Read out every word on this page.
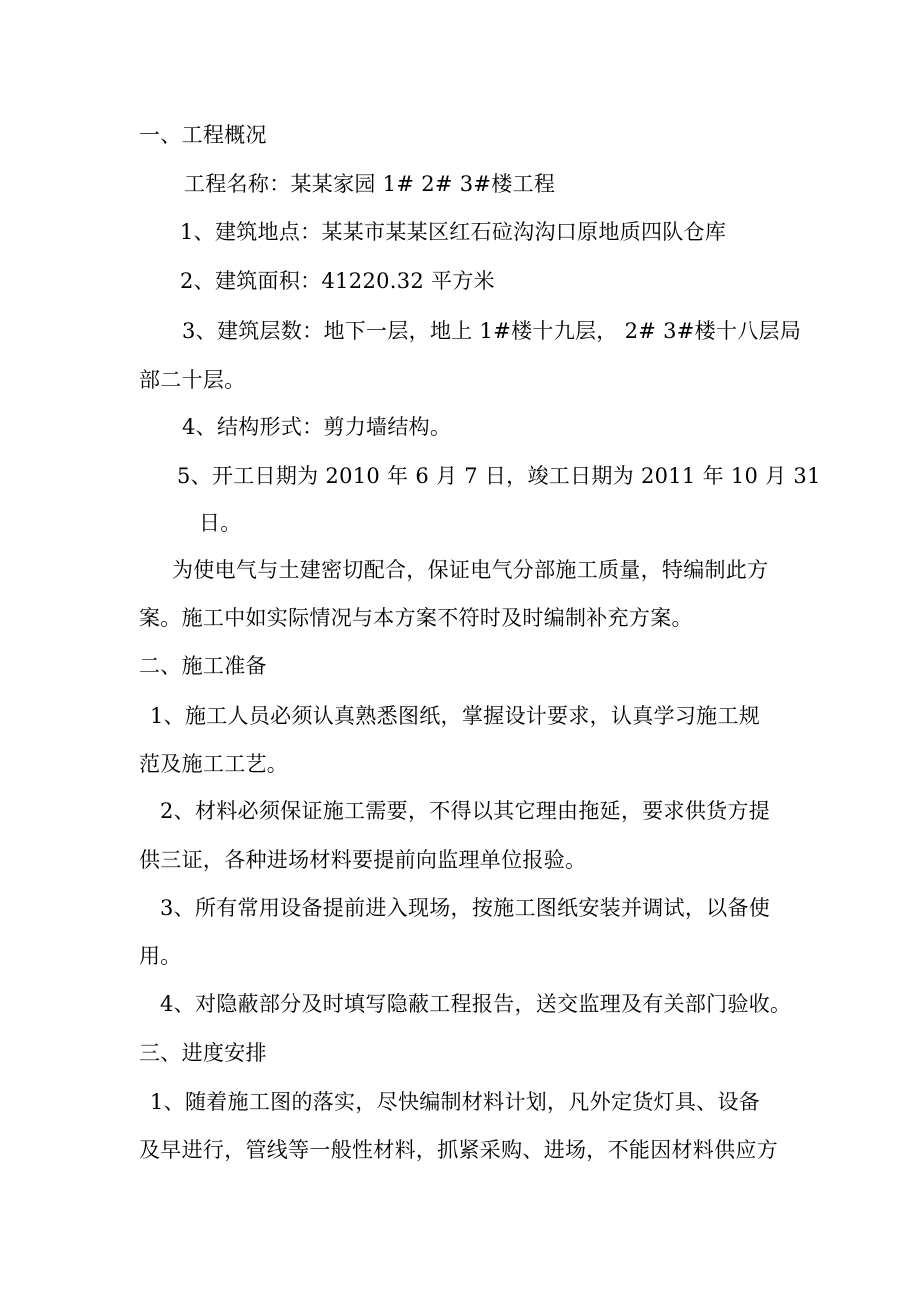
一、工程概况
工程名称：某某家园 1# 2# 3#楼工程
1、建筑地点：某某市某某区红石砬沟沟口原地质四队仓库
2、建筑面积：41220.32 平方米
3、建筑层数：地下一层，地上 1#楼十九层， 2# 3#楼十八层局
部二十层。
4、结构形式：剪力墙结构。
5、开工日期为 2010 年 6 月 7 日，竣工日期为 2011 年 10 月 31
日。
为使电气与土建密切配合，保证电气分部施工质量，特编制此方
案。施工中如实际情况与本方案不符时及时编制补充方案。
二、施工准备
1、施工人员必须认真熟悉图纸，掌握设计要求，认真学习施工规
范及施工工艺。
2、材料必须保证施工需要，不得以其它理由拖延，要求供货方提
供三证，各种进场材料要提前向监理单位报验。
3、所有常用设备提前进入现场，按施工图纸安装并调试，以备使
用。
4、对隐蔽部分及时填写隐蔽工程报告，送交监理及有关部门验收。
三、进度安排
1、随着施工图的落实，尽快编制材料计划，凡外定货灯具、设备
及早进行，管线等一般性材料，抓紧采购、进场，不能因材料供应方
